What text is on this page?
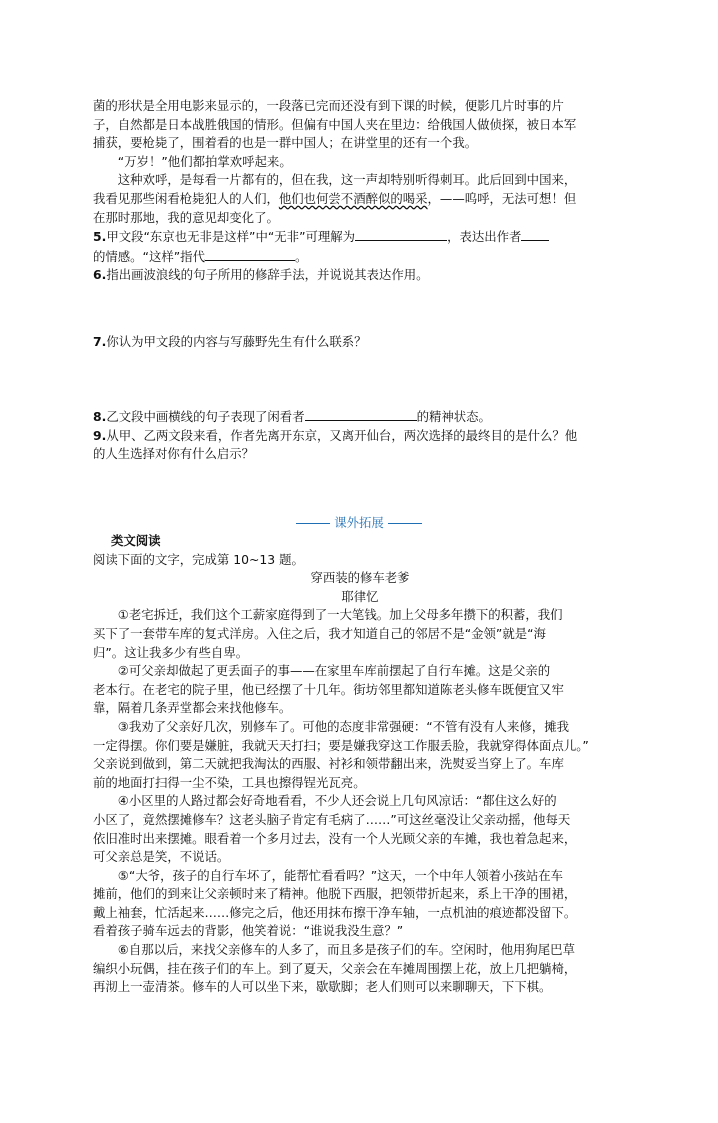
菌的形状是全用电影来显示的，一段落已完而还没有到下课的时候，便影几片时事的片

子，自然都是日本战胜俄国的情形。但偏有中国人夹在里边：给俄国人做侦探，被日本军

捕获，要枪毙了，围着看的也是一群中国人；在讲堂里的还有一个我。

“万岁！”他们都拍掌欢呼起来。

这种欢呼，是每看一片都有的，但在我，这一声却特别听得刺耳。此后回到中国来，

我看见那些闲看枪毙犯人的人们，他们也何尝不酒醉似的喝采，——呜呼，无法可想！但

在那时那地，我的意见却变化了。

5.甲文段“东京也无非是这样”中“无非”可理解为	，表达出作者

的情感。“这样”指代	。

6.指出画波浪线的句子所用的修辞手法，并说说其表达作用。

7.你认为甲文段的内容与写藤野先生有什么联系？

8.乙文段中画横线的句子表现了闲看者	的精神状态。

9.从甲、乙两文段来看，作者先离开东京，又离开仙台，两次选择的最终目的是什么？他

的人生选择对你有什么启示？

课外拓展

类文阅读

阅读下面的文字，完成第 10~13 题。

穿西装的修车老爹

耶律忆

①老宅拆迁，我们这个工薪家庭得到了一大笔钱。加上父母多年攒下的积蓄，我们

买下了一套带车库的复式洋房。入住之后，我才知道自己的邻居不是“金领”就是“海

归”。这让我多少有些自卑。

②可父亲却做起了更丢面子的事——在家里车库前摆起了自行车摊。这是父亲的

老本行。在老宅的院子里，他已经摆了十几年。街坊邻里都知道陈老头修车既便宜又牢

靠，隔着几条弄堂都会来找他修车。

③我劝了父亲好几次，别修车了。可他的态度非常强硬：“不管有没有人来修，摊我

一定得摆。你们要是嫌脏，我就天天打扫；要是嫌我穿这工作服丢脸，我就穿得体面点儿。”

父亲说到做到，第二天就把我淘汰的西服、衬衫和领带翻出来，洗熨妥当穿上了。车库

前的地面打扫得一尘不染，工具也擦得锃光瓦亮。

④小区里的人路过都会好奇地看看，不少人还会说上几句风凉话：“都住这么好的

小区了，竟然摆摊修车？这老头脑子肯定有毛病了……”可这丝毫没让父亲动摇，他每天

依旧准时出来摆摊。眼看着一个多月过去，没有一个人光顾父亲的车摊，我也着急起来，

可父亲总是笑，不说话。

⑤“大爷，孩子的自行车坏了，能帮忙看看吗？”这天，一个中年人领着小孩站在车

摊前，他们的到来让父亲顿时来了精神。他脱下西服，把领带折起来，系上干净的围裙，

戴上袖套，忙活起来……修完之后，他还用抹布擦干净车轴，一点机油的痕迹都没留下。

看着孩子骑车远去的背影，他笑着说：“谁说我没生意？”

⑥自那以后，来找父亲修车的人多了，而且多是孩子们的车。空闲时，他用狗尾巴草

编织小玩偶，挂在孩子们的车上。到了夏天，父亲会在车摊周围摆上花，放上几把躺椅，

再沏上一壶清茶。修车的人可以坐下来，歇歇脚；老人们则可以来聊聊天，下下棋。
